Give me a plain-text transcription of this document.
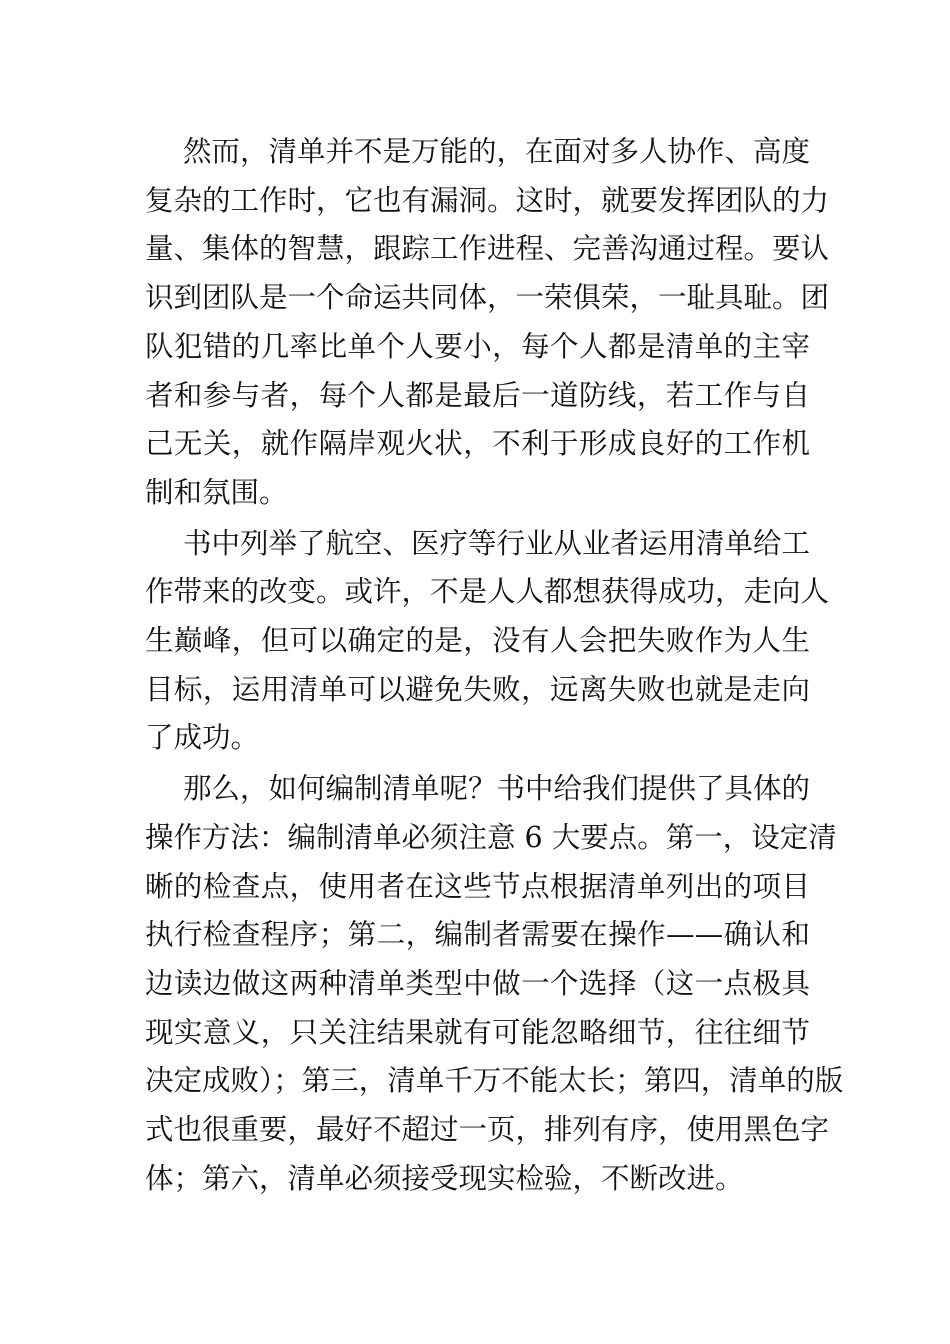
然而，清单并不是万能的，在面对多人协作、高度
复杂的工作时，它也有漏洞。这时，就要发挥团队的力
量、集体的智慧，跟踪工作进程、完善沟通过程。要认
识到团队是一个命运共同体，一荣俱荣，一耻具耻。团
队犯错的几率比单个人要小，每个人都是清单的主宰
者和参与者，每个人都是最后一道防线，若工作与自
己无关，就作隔岸观火状，不利于形成良好的工作机
制和氛围。

书中列举了航空、医疗等行业从业者运用清单给工
作带来的改变。或许，不是人人都想获得成功，走向人
生巅峰，但可以确定的是，没有人会把失败作为人生
目标，运用清单可以避免失败，远离失败也就是走向
了成功。

那么，如何编制清单呢？书中给我们提供了具体的
操作方法：编制清单必须注意 6 大要点。第一，设定清
晰的检查点，使用者在这些节点根据清单列出的项目
执行检查程序；第二，编制者需要在操作——确认和
边读边做这两种清单类型中做一个选择（这一点极具
现实意义，只关注结果就有可能忽略细节，往往细节
决定成败）；第三，清单千万不能太长；第四，清单的版
式也很重要，最好不超过一页，排列有序，使用黑色字
体；第六，清单必须接受现实检验，不断改进。
